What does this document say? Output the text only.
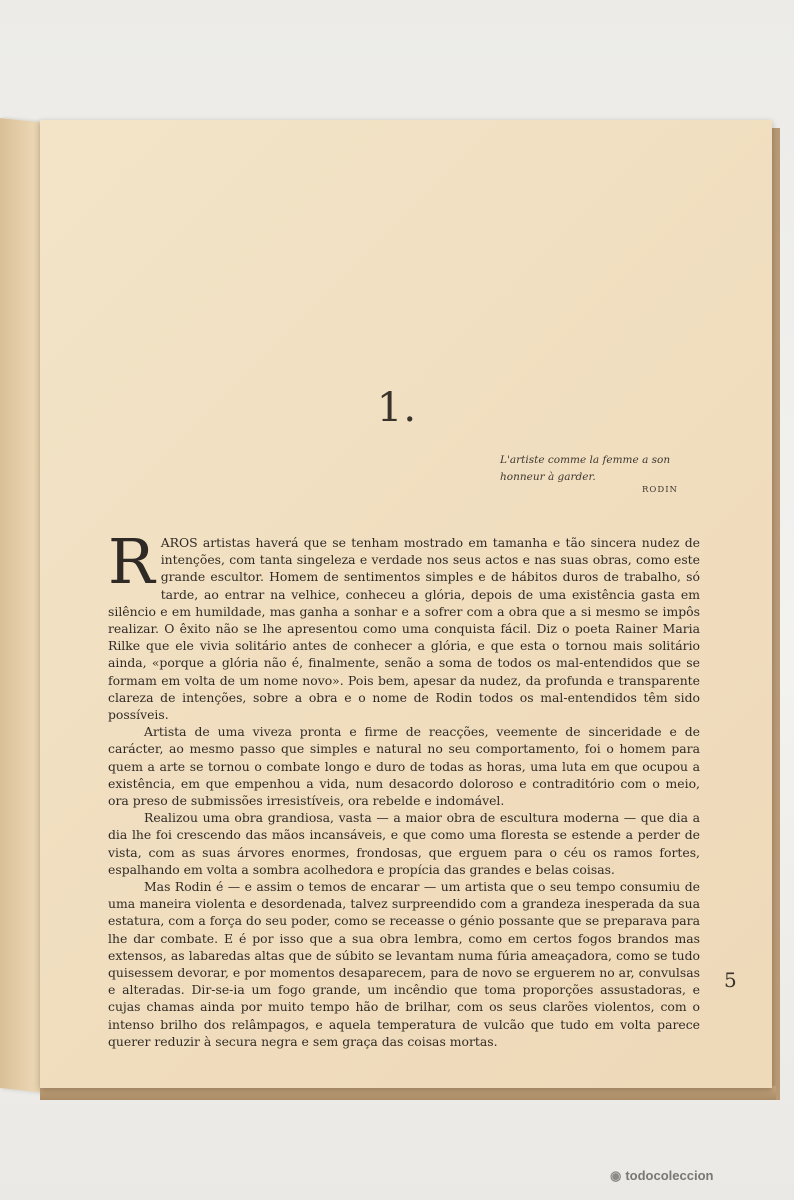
1.
L'artiste comme la femme a son honneur à garder.
RODIN

RAROS artistas haverá que se tenham mostrado em tamanha e tão sincera nudez de intenções, com tanta singeleza e verdade nos seus actos e nas suas obras, como este grande escultor. Homem de sentimentos simples e de hábitos duros de trabalho, só tarde, ao entrar na velhice, conheceu a glória, depois de uma existência gasta em silêncio e em humildade, mas ganha a sonhar e a sofrer com a obra que a si mesmo se impôs realizar. O êxito não se lhe apresentou como uma conquista fácil. Diz o poeta Rainer Maria Rilke que ele vivia solitário antes de conhecer a glória, e que esta o tornou mais solitário ainda, «porque a glória não é, finalmente, senão a soma de todos os mal-entendidos que se formam em volta de um nome novo». Pois bem, apesar da nudez, da profunda e transparente clareza de intenções, sobre a obra e o nome de Rodin todos os mal-entendidos têm sido possíveis.

Artista de uma viveza pronta e firme de reacções, veemente de sinceridade e de carácter, ao mesmo passo que simples e natural no seu comportamento, foi o homem para quem a arte se tornou o combate longo e duro de todas as horas, uma luta em que ocupou a existência, em que empenhou a vida, num desacordo doloroso e contraditório com o meio, ora preso de submissões irresistíveis, ora rebelde e indomável.

Realizou uma obra grandiosa, vasta — a maior obra de escultura moderna — que dia a dia lhe foi crescendo das mãos incansáveis, e que como uma floresta se estende a perder de vista, com as suas árvores enormes, frondosas, que erguem para o céu os ramos fortes, espalhando em volta a sombra acolhedora e propícia das grandes e belas coisas.

Mas Rodin é — e assim o temos de encarar — um artista que o seu tempo consumiu de uma maneira violenta e desordenada, talvez surpreendido com a grandeza inesperada da sua estatura, com a força do seu poder, como se receasse o génio possante que se preparava para lhe dar combate. E é por isso que a sua obra lembra, como em certos fogos brandos mas extensos, as labaredas altas que de súbito se levantam numa fúria ameaçadora, como se tudo quisessem devorar, e por momentos desaparecem, para de novo se erguerem no ar, convulsas e alteradas. Dir-se-ia um fogo grande, um incêndio que toma proporções assustadoras, e cujas chamas ainda por muito tempo hão de brilhar, com os seus clarões violentos, com o intenso brilho dos relâmpagos, e aquela temperatura de vulcão que tudo em volta parece querer reduzir à secura negra e sem graça das coisas mortas.

5
◉ todocoleccion
